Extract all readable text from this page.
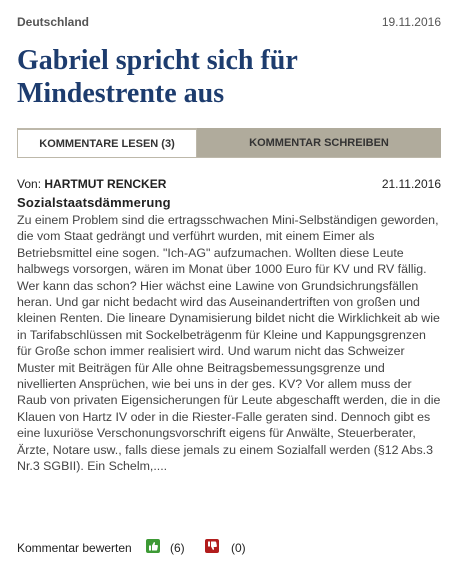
Deutschland	19.11.2016
Gabriel spricht sich für Mindestrente aus
KOMMENTARE LESEN (3)	KOMMENTAR SCHREIBEN
Von: HARTMUT RENCKER	21.11.2016
Sozialstaatsdämmerung

Zu einem Problem sind die ertragsschwachen Mini-Selbständigen geworden, die vom Staat gedrängt und verführt wurden, mit einem Eimer als Betriebsmittel eine sogen. "Ich-AG" aufzumachen. Wollten diese Leute halbwegs vorsorgen, wären im Monat über 1000 Euro für KV und RV fällig. Wer kann das schon? Hier wächst eine Lawine von Grundsichrungsfällen heran. Und gar nicht bedacht wird das Auseinandertriften von großen und kleinen Renten. Die lineare Dynamisierung bildet nicht die Wirklichkeit ab wie in Tarifabschlüssen mit Sockelbeträgenm für Kleine und Kappungsgrenzen für Große schon immer realisiert wird. Und warum nicht das Schweizer Muster mit Beiträgen für Alle ohne Beitragsbemessungsgrenze und nivellierten Ansprüchen, wie bei uns in der ges. KV? Vor allem muss der Raub von privaten Eigensicherungen für Leute abgeschafft werden, die in die Klauen von Hartz IV oder in die Riester-Falle geraten sind. Dennoch gibt es eine luxuriöse Verschonungsvorschrift eigens für Anwälte, Steuerberater, Ärzte, Notare usw., falls diese jemals zu einem Sozialfall werden (§12 Abs.3 Nr.3 SGBII). Ein Schelm,....

Kommentar bewerten	(6)	(0)
